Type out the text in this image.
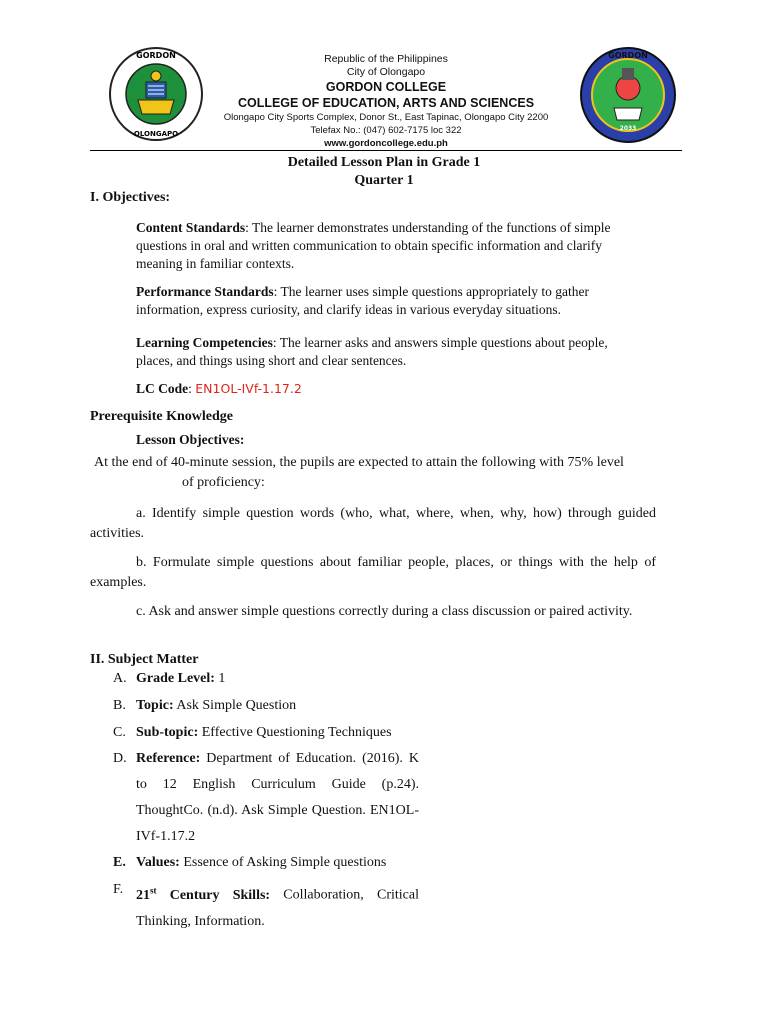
GORDON
OLONGAPO
Republic of the Philippines
City of Olongapo
GORDON COLLEGE
COLLEGE OF EDUCATION, ARTS AND SCIENCES
Olongapo City Sports Complex, Donor St., East Tapinac, Olongapo City 2200
Telefax No.: (047) 602-7175 loc 322
www.gordoncollege.edu.ph
GORDON
2033
Detailed Lesson Plan in Grade 1
Quarter 1
I. Objectives:
Content Standards: The learner demonstrates understanding of the functions of simple questions in oral and written communication to obtain specific information and clarify meaning in familiar contexts.
Performance Standards: The learner uses simple questions appropriately to gather information, express curiosity, and clarify ideas in various everyday situations.
Learning Competencies: The learner asks and answers simple questions about people, places, and things using short and clear sentences.
LC Code: EN1OL-IVf-1.17.2
Prerequisite Knowledge
Lesson Objectives:
At the end of 40-minute session, the pupils are expected to attain the following with 75% level
of proficiency:
a. Identify simple question words (who, what, where, when, why, how) through guided activities.
b. Formulate simple questions about familiar people, places, or things with the help of examples.
c. Ask and answer simple questions correctly during a class discussion or paired activity.
II. Subject Matter
A. Grade Level: 1
B. Topic: Ask Simple Question
C. Sub-topic: Effective Questioning Techniques
D. Reference: Department of Education. (2016). K to 12 English Curriculum Guide (p.24). ThoughtCo. (n.d). Ask Simple Question. EN1OL-IVf-1.17.2
E. Values: Essence of Asking Simple questions
F. 21st Century Skills: Collaboration, Critical Thinking, Information.
